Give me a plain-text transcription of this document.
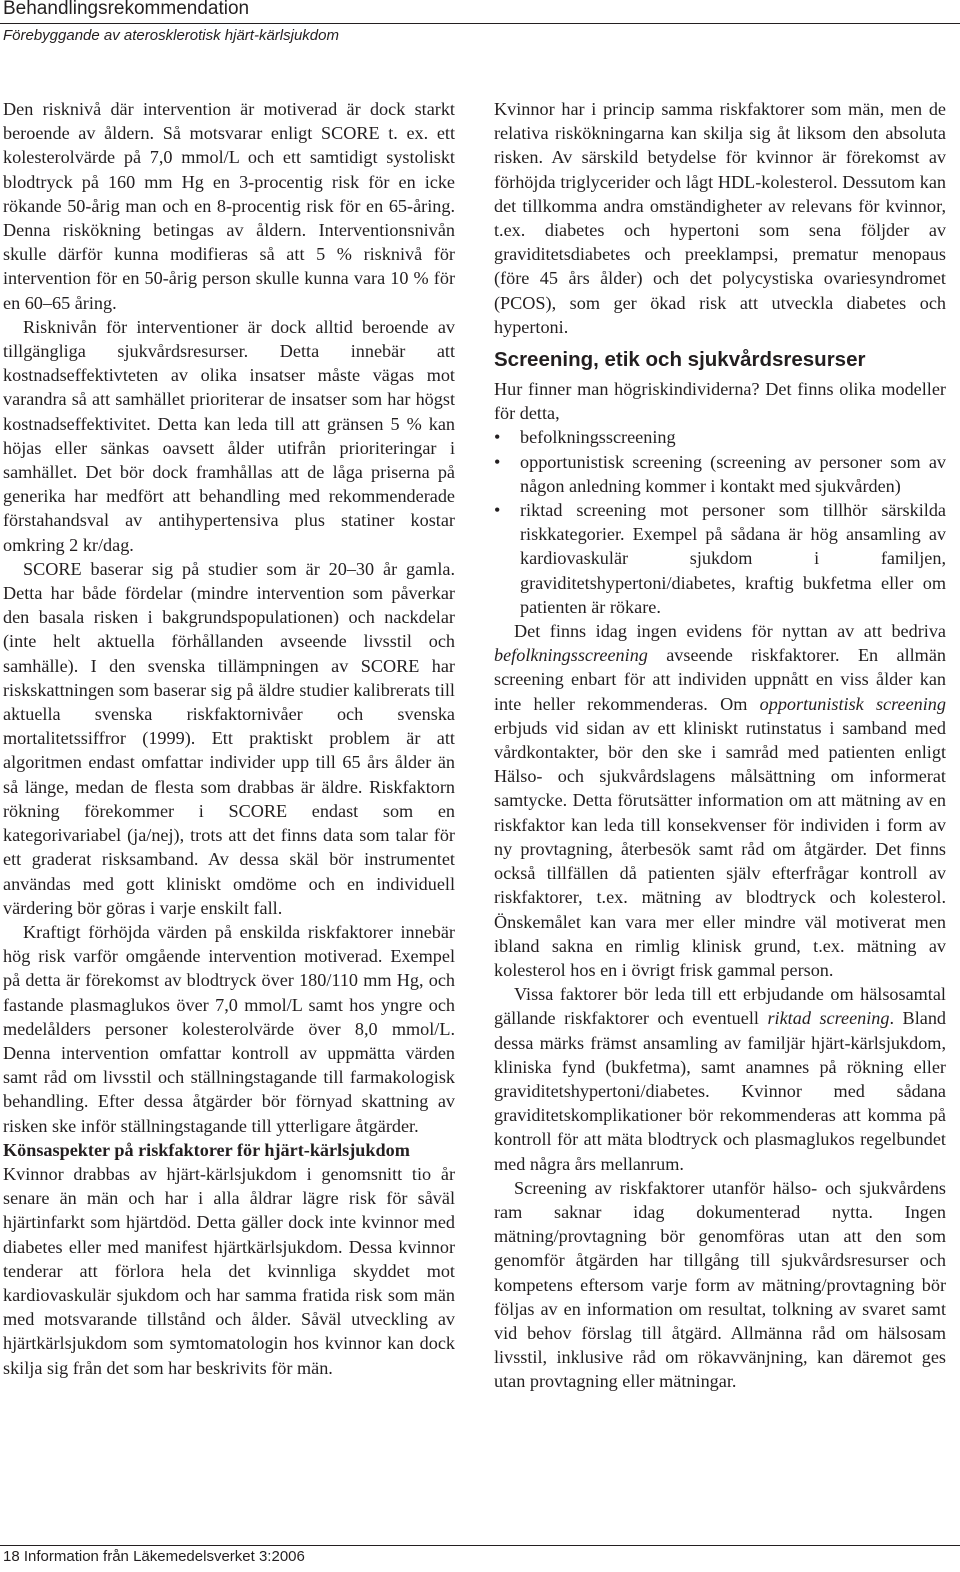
Behandlingsrekommendation
Förebyggande av aterosklerotisk hjärt-kärlsjukdom

Den risknivå där intervention är motiverad är dock starkt beroende av åldern. Så motsvarar enligt SCORE t. ex. ett kolesterolvärde på 7,0 mmol/L och ett samtidigt systoliskt blodtryck på 160 mm Hg en 3-procentig risk för en icke rökande 50-årig man och en 8-procentig risk för en 65-åring. Denna riskökning betingas av åldern. Interventionsnivån skulle därför kunna modifieras så att 5 % risknivå för intervention för en 50-årig person skulle kunna vara 10 % för en 60–65 åring.

Risknivån för interventioner är dock alltid beroende av tillgängliga sjukvårdsresurser. Detta innebär att kostnadseffektivteten av olika insatser måste vägas mot varandra så att samhället prioriterar de insatser som har högst kostnadseffektivitet. Detta kan leda till att gränsen 5 % kan höjas eller sänkas oavsett ålder utifrån prioriteringar i samhället. Det bör dock framhållas att de låga priserna på generika har medfört att behandling med rekommenderade förstahandsval av antihypertensiva plus statiner kostar omkring 2 kr/dag.

SCORE baserar sig på studier som är 20–30 år gamla. Detta har både fördelar (mindre intervention som påverkar den basala risken i bakgrundspopulationen) och nackdelar (inte helt aktuella förhållanden avseende livsstil och samhälle). I den svenska tillämpningen av SCORE har riskskattningen som baserar sig på äldre studier kalibrerats till aktuella svenska riskfaktornivåer och svenska mortalitetssiffror (1999). Ett praktiskt problem är att algoritmen endast omfattar individer upp till 65 års ålder än så länge, medan de flesta som drabbas är äldre. Riskfaktorn rökning förekommer i SCORE endast som en kategorivariabel (ja/nej), trots att det finns data som talar för ett graderat risksamband. Av dessa skäl bör instrumentet användas med gott kliniskt omdöme och en individuell värdering bör göras i varje enskilt fall.

Kraftigt förhöjda värden på enskilda riskfaktorer innebär hög risk varför omgående intervention motiverad. Exempel på detta är förekomst av blodtryck över 180/110 mm Hg, och fastande plasmaglukos över 7,0 mmol/L samt hos yngre och medelålders personer kolesterolvärde över 8,0 mmol/L. Denna intervention omfattar kontroll av uppmätta värden samt råd om livsstil och ställningstagande till farmakologisk behandling. Efter dessa åtgärder bör förnyad skattning av risken ske inför ställningstagande till ytterligare åtgärder.

Könsaspekter på riskfaktorer för hjärt-kärlsjukdom

Kvinnor drabbas av hjärt-kärlsjukdom i genomsnitt tio år senare än män och har i alla åldrar lägre risk för såväl hjärtinfarkt som hjärtdöd. Detta gäller dock inte kvinnor med diabetes eller med manifest hjärtkärlsjukdom. Dessa kvinnor tenderar att förlora hela det kvinnliga skyddet mot kardiovaskulär sjukdom och har samma fratida risk som män med motsvarande tillstånd och ålder. Såväl utveckling av hjärtkärlsjukdom som symtomatologin hos kvinnor kan dock skilja sig från det som har beskrivits för män.

Kvinnor har i princip samma riskfaktorer som män, men de relativa riskökningarna kan skilja sig åt liksom den absoluta risken. Av särskild betydelse för kvinnor är förekomst av förhöjda triglycerider och lågt HDL-kolesterol. Dessutom kan det tillkomma andra omständigheter av relevans för kvinnor, t.ex. diabetes och hypertoni som sena följder av graviditetsdiabetes och preeklampsi, prematur menopaus (före 45 års ålder) och det polycystiska ovariesyndromet (PCOS), som ger ökad risk att utveckla diabetes och hypertoni.

Screening, etik och sjukvårdsresurser

Hur finner man högriskindividerna? Det finns olika modeller för detta,

• befolkningsscreening
• opportunistisk screening (screening av personer som av någon anledning kommer i kontakt med sjukvården)
• riktad screening mot personer som tillhör särskilda riskkategorier. Exempel på sådana är hög ansamling av kardiovaskulär sjukdom i familjen, graviditetshypertoni/diabetes, kraftig bukfetma eller om patienten är rökare.

Det finns idag ingen evidens för nyttan av att bedriva befolkningsscreening avseende riskfaktorer. En allmän screening enbart för att individen uppnått en viss ålder kan inte heller rekommenderas. Om opportunistisk screening erbjuds vid sidan av ett kliniskt rutinstatus i samband med vårdkontakter, bör den ske i samråd med patienten enligt Hälso- och sjukvårdslagens målsättning om informerat samtycke. Detta förutsätter information om att mätning av en riskfaktor kan leda till konsekvenser för individen i form av ny provtagning, återbesök samt råd om åtgärder. Det finns också tillfällen då patienten själv efterfrågar kontroll av riskfaktorer, t.ex. mätning av blodtryck och kolesterol. Önskemålet kan vara mer eller mindre väl motiverat men ibland sakna en rimlig klinisk grund, t.ex. mätning av kolesterol hos en i övrigt frisk gammal person.

Vissa faktorer bör leda till ett erbjudande om hälsosamtal gällande riskfaktorer och eventuell riktad screening. Bland dessa märks främst ansamling av familjär hjärt-kärlsjukdom, kliniska fynd (bukfetma), samt anamnes på rökning eller graviditetshypertoni/diabetes. Kvinnor med sådana graviditetskomplikationer bör rekommenderas att komma på kontroll för att mäta blodtryck och plasmaglukos regelbundet med några års mellanrum.

Screening av riskfaktorer utanför hälso- och sjukvårdens ram saknar idag dokumenterad nytta. Ingen mätning/provtagning bör genomföras utan att den som genomför åtgärden har tillgång till sjukvårdsresurser och kompetens eftersom varje form av mätning/provtagning bör följas av en information om resultat, tolkning av svaret samt vid behov förslag till åtgärd. Allmänna råd om hälsosam livsstil, inklusive råd om rökavvänjning, kan däremot ges utan provtagning eller mätningar.

18 Information från Läkemedelsverket 3:2006
